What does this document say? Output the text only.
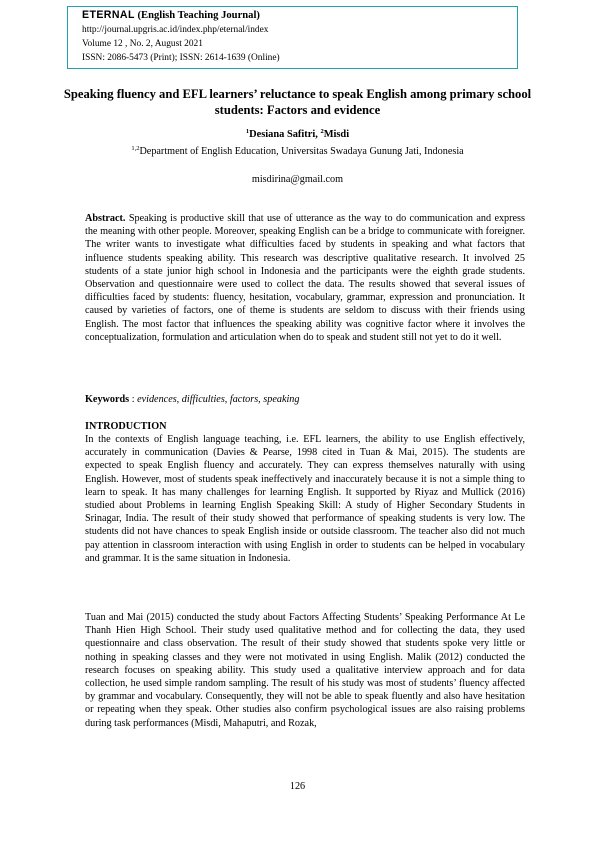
ETERNAL (English Teaching Journal)
http://journal.upgris.ac.id/index.php/eternal/index
Volume 12 , No. 2, August 2021
ISSN: 2086-5473 (Print); ISSN: 2614-1639 (Online)
Speaking fluency and EFL learners’ reluctance to speak English among primary school students: Factors and evidence
$^1$Desiana Safitri, $^2$Misdi
$^{1,2}$Department of English Education, Universitas Swadaya Gunung Jati, Indonesia
misdirina@gmail.com
Abstract. Speaking is productive skill that use of utterance as the way to do communication and express the meaning with other people. Moreover, speaking English can be a bridge to communicate with foreigner. The writer wants to investigate what difficulties faced by students in speaking and what factors that influence students speaking ability. This research was descriptive qualitative research. It involved 25 students of a state junior high school in Indonesia and the participants were the eighth grade students. Observation and questionnaire were used to collect the data. The results showed that several issues of difficulties faced by students: fluency, hesitation, vocabulary, grammar, expression and pronunciation. It caused by varieties of factors, one of theme is students are seldom to discuss with their friends using English. The most factor that influences the speaking ability was cognitive factor where it involves the conceptualization, formulation and articulation when do to speak and student still not yet to do it well.
Keywords : evidences, difficulties, factors, speaking
INTRODUCTION
In the contexts of English language teaching, i.e. EFL learners, the ability to use English effectively, accurately in communication (Davies & Pearse, 1998 cited in Tuan & Mai, 2015). The students are expected to speak English fluency and accurately. They can express themselves naturally with using English. However, most of students speak ineffectively and inaccurately because it is not a simple thing to learn to speak. It has many challenges for learning English. It supported by Riyaz and Mullick (2016) studied about Problems in learning English Speaking Skill: A study of Higher Secondary Students in Srinagar, India. The result of their study showed that performance of speaking students is very low. The students did not have chances to speak English inside or outside classroom. The teacher also did not much pay attention in classroom interaction with using English in order to students can be helped in vocabulary and grammar. It is the same situation in Indonesia.
Tuan and Mai (2015) conducted the study about Factors Affecting Students’ Speaking Performance At Le Thanh Hien High School. Their study used qualitative method and for collecting the data, they used questionnaire and class observation. The result of their study showed that students spoke very little or nothing in speaking classes and they were not motivated in using English. Malik (2012) conducted the research focuses on speaking ability. This study used a qualitative interview approach and for data collection, he used simple random sampling. The result of his study was most of students’ fluency affected by grammar and vocabulary. Consequently, they will not be able to speak fluently and also have hesitation or repeating when they speak. Other studies also confirm psychological issues are also raising problems during task performances (Misdi, Mahaputri, and Rozak,
126
